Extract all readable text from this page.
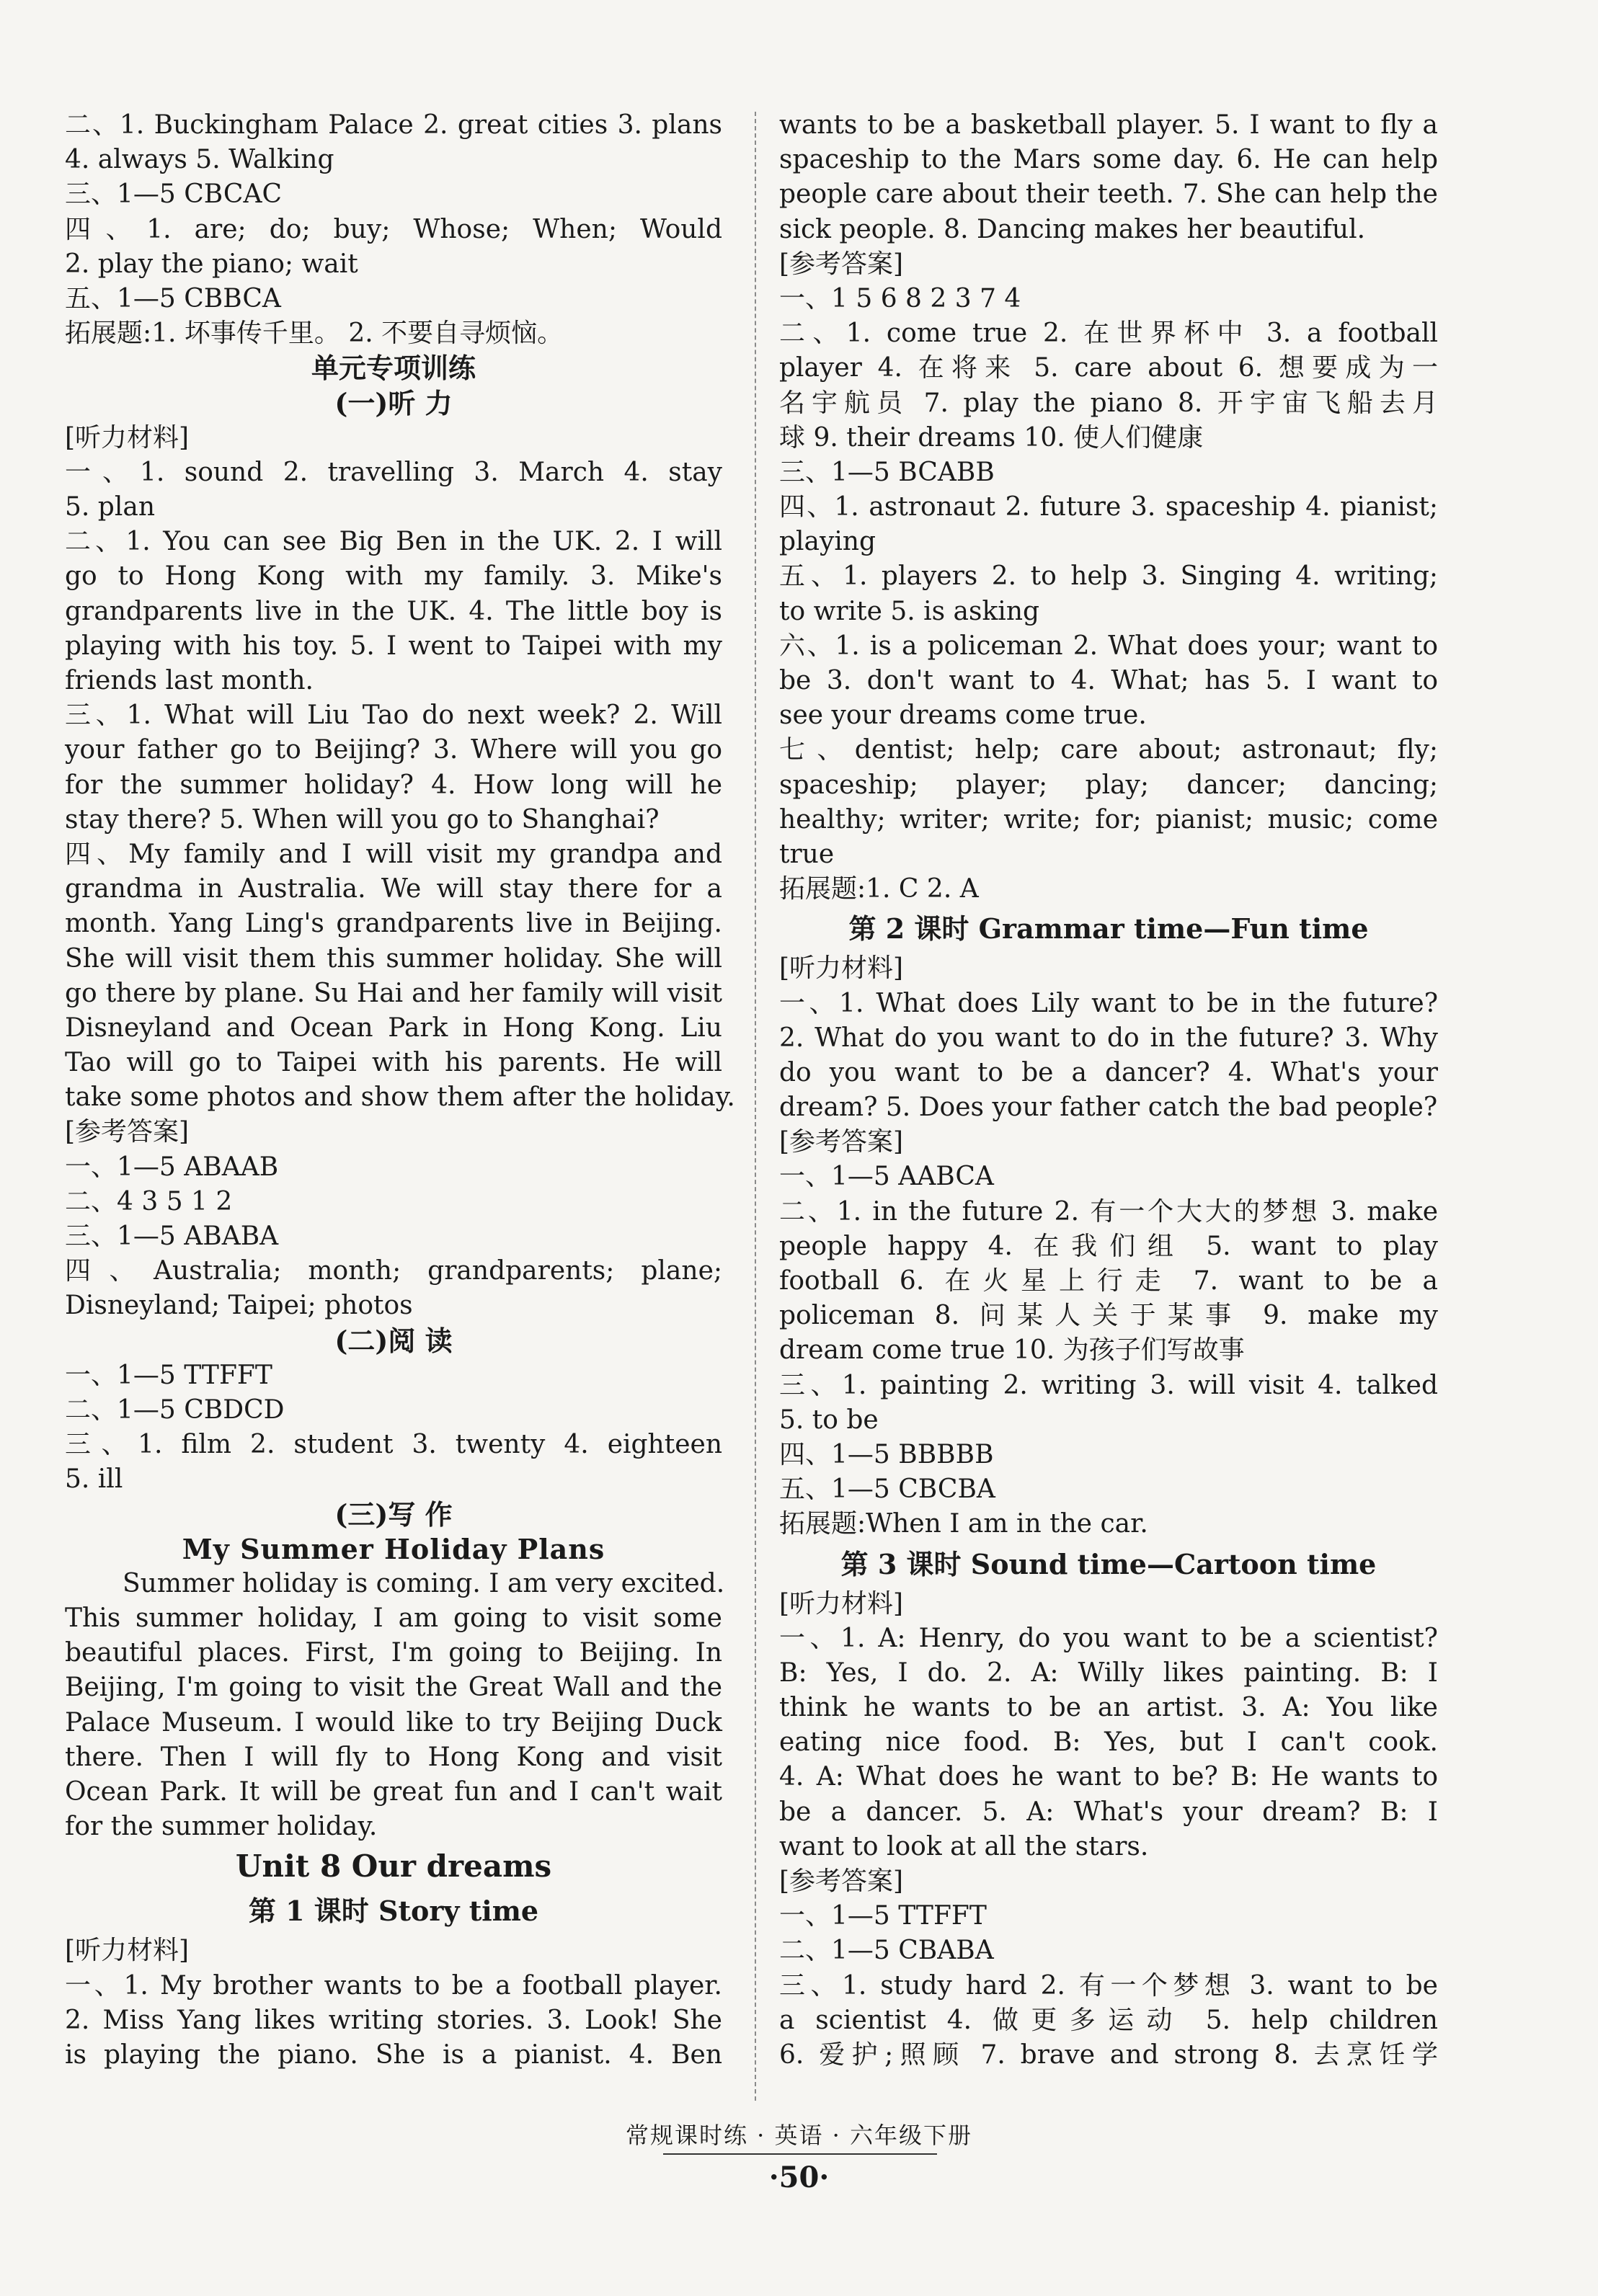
二、1. Buckingham Palace 2. great cities 3. plans
4. always 5. Walking
三、1—5 CBCAC
四、1. are; do; buy; Whose; When; Would
2. play the piano; wait
五、1—5 CBBCA
拓展题:1. 坏事传千里。 2. 不要自寻烦恼。
单元专项训练
(一)听 力
[听力材料]
一、1. sound 2. travelling 3. March 4. stay
5. plan
二、1. You can see Big Ben in the UK. 2. I will
go to Hong Kong with my family. 3. Mike's
grandparents live in the UK. 4. The little boy is
playing with his toy. 5. I went to Taipei with my
friends last month.
三、1. What will Liu Tao do next week? 2. Will
your father go to Beijing? 3. Where will you go
for the summer holiday? 4. How long will he
stay there? 5. When will you go to Shanghai?
四、My family and I will visit my grandpa and
grandma in Australia. We will stay there for a
month. Yang Ling's grandparents live in Beijing.
She will visit them this summer holiday. She will
go there by plane. Su Hai and her family will visit
Disneyland and Ocean Park in Hong Kong. Liu
Tao will go to Taipei with his parents. He will
take some photos and show them after the holiday.
[参考答案]
一、1—5 ABAAB
二、4 3 5 1 2
三、1—5 ABABA
四、Australia; month; grandparents; plane;
Disneyland; Taipei; photos
(二)阅 读
一、1—5 TTFFT
二、1—5 CBDCD
三、1. film 2. student 3. twenty 4. eighteen
5. ill
(三)写 作
My Summer Holiday Plans
Summer holiday is coming. I am very excited.
This summer holiday, I am going to visit some
beautiful places. First, I'm going to Beijing. In
Beijing, I'm going to visit the Great Wall and the
Palace Museum. I would like to try Beijing Duck
there. Then I will fly to Hong Kong and visit
Ocean Park. It will be great fun and I can't wait
for the summer holiday.
Unit 8 Our dreams
第 1 课时 Story time
[听力材料]
一、1. My brother wants to be a football player.
2. Miss Yang likes writing stories. 3. Look! She
is playing the piano. She is a pianist. 4. Ben
wants to be a basketball player. 5. I want to fly a
spaceship to the Mars some day. 6. He can help
people care about their teeth. 7. She can help the
sick people. 8. Dancing makes her beautiful.
[参考答案]
一、1 5 6 8 2 3 7 4
二、1. come true 2. 在世界杯中 3. a football
player 4. 在将来 5. care about 6. 想要成为一
名宇航员 7. play the piano 8. 开宇宙飞船去月
球 9. their dreams 10. 使人们健康
三、1—5 BCABB
四、1. astronaut 2. future 3. spaceship 4. pianist;
playing
五、1. players 2. to help 3. Singing 4. writing;
to write 5. is asking
六、1. is a policeman 2. What does your; want to
be 3. don't want to 4. What; has 5. I want to
see your dreams come true.
七、dentist; help; care about; astronaut; fly;
spaceship; player; play; dancer; dancing;
healthy; writer; write; for; pianist; music; come
true
拓展题:1. C 2. A
第 2 课时 Grammar time—Fun time
[听力材料]
一、1. What does Lily want to be in the future?
2. What do you want to do in the future? 3. Why
do you want to be a dancer? 4. What's your
dream? 5. Does your father catch the bad people?
[参考答案]
一、1—5 AABCA
二、1. in the future 2. 有一个大大的梦想 3. make
people happy 4. 在我们组 5. want to play
football 6. 在火星上行走 7. want to be a
policeman 8. 问某人关于某事 9. make my
dream come true 10. 为孩子们写故事
三、1. painting 2. writing 3. will visit 4. talked
5. to be
四、1—5 BBBBB
五、1—5 CBCBA
拓展题:When I am in the car.
第 3 课时 Sound time—Cartoon time
[听力材料]
一、1. A: Henry, do you want to be a scientist?
B: Yes, I do. 2. A: Willy likes painting. B: I
think he wants to be an artist. 3. A: You like
eating nice food. B: Yes, but I can't cook.
4. A: What does he want to be? B: He wants to
be a dancer. 5. A: What's your dream? B: I
want to look at all the stars.
[参考答案]
一、1—5 TTFFT
二、1—5 CBABA
三、1. study hard 2. 有一个梦想 3. want to be
a scientist 4. 做更多运动 5. help children
6. 爱护;照顾 7. brave and strong 8. 去烹饪学
常规课时练 · 英语 · 六年级下册
·50·
